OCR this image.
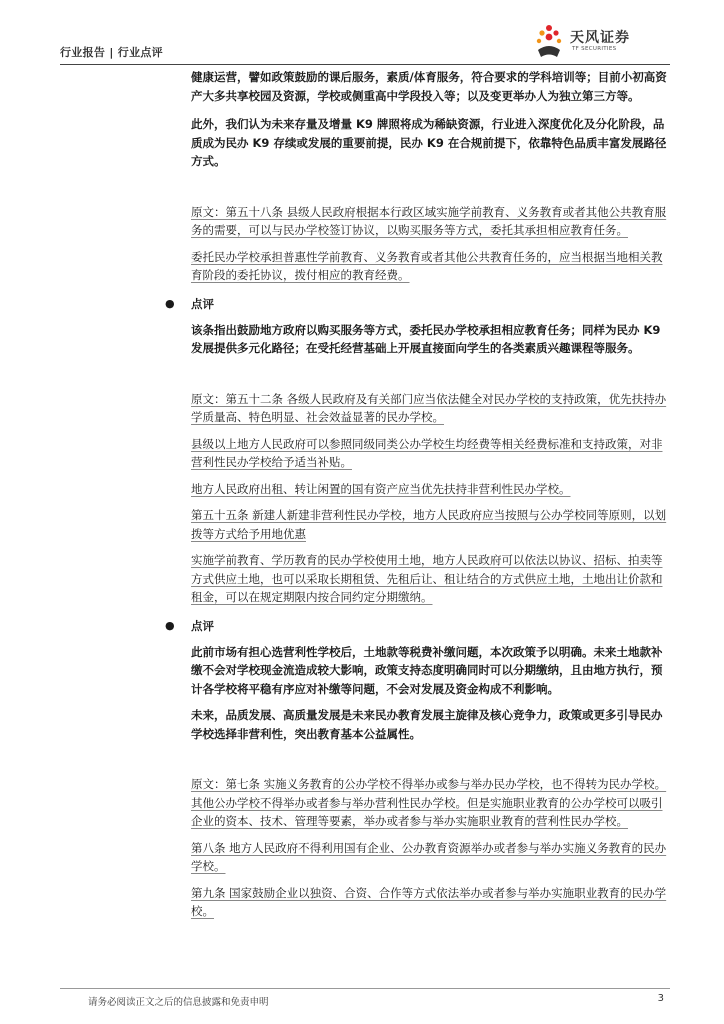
行业报告 | 行业点评
天风证券
TF SECURITIES

健康运营，譬如政策鼓励的课后服务，素质/体育服务，符合要求的学科培训等；目前小初高资产大多共享校园及资源，学校或侧重高中学段投入等；以及变更举办人为独立第三方等。

此外，我们认为未来存量及增量 K9 牌照将成为稀缺资源，行业进入深度优化及分化阶段，品质成为民办 K9 存续或发展的重要前提，民办 K9 在合规前提下，依靠特色品质丰富发展路径方式。

原文：第五十八条 县级人民政府根据本行政区域实施学前教育、义务教育或者其他公共教育服务的需要，可以与民办学校签订协议，以购买服务等方式，委托其承担相应教育任务。

委托民办学校承担普惠性学前教育、义务教育或者其他公共教育任务的，应当根据当地相关教育阶段的委托协议，拨付相应的教育经费。

● 点评

该条指出鼓励地方政府以购买服务等方式，委托民办学校承担相应教育任务；同样为民办 K9 发展提供多元化路径；在受托经营基础上开展直接面向学生的各类素质兴趣课程等服务。

原文：第五十二条 各级人民政府及有关部门应当依法健全对民办学校的支持政策，优先扶持办学质量高、特色明显、社会效益显著的民办学校。

县级以上地方人民政府可以参照同级同类公办学校生均经费等相关经费标准和支持政策，对非营利性民办学校给予适当补贴。

地方人民政府出租、转让闲置的国有资产应当优先扶持非营利性民办学校。

第五十五条 新建人新建非营利性民办学校，地方人民政府应当按照与公办学校同等原则，以划拨等方式给予用地优惠

实施学前教育、学历教育的民办学校使用土地，地方人民政府可以依法以协议、招标、拍卖等方式供应土地，也可以采取长期租赁、先租后让、租让结合的方式供应土地，土地出让价款和租金，可以在规定期限内按合同约定分期缴纳。

● 点评

此前市场有担心选营利性学校后，土地款等税费补缴问题，本次政策予以明确。未来土地款补缴不会对学校现金流造成较大影响，政策支持态度明确同时可以分期缴纳，且由地方执行，预计各学校将平稳有序应对补缴等问题，不会对发展及资金构成不利影响。

未来，品质发展、高质量发展是未来民办教育发展主旋律及核心竞争力，政策或更多引导民办学校选择非营利性，突出教育基本公益属性。

原文：第七条 实施义务教育的公办学校不得举办或参与举办民办学校，也不得转为民办学校。其他公办学校不得举办或者参与举办营利性民办学校。但是实施职业教育的公办学校可以吸引企业的资本、技术、管理等要素，举办或者参与举办实施职业教育的营利性民办学校。

第八条 地方人民政府不得利用国有企业、公办教育资源举办或者参与举办实施义务教育的民办学校。

第九条 国家鼓励企业以独资、合资、合作等方式依法举办或者参与举办实施职业教育的民办学校。

请务必阅读正文之后的信息披露和免责申明	3
